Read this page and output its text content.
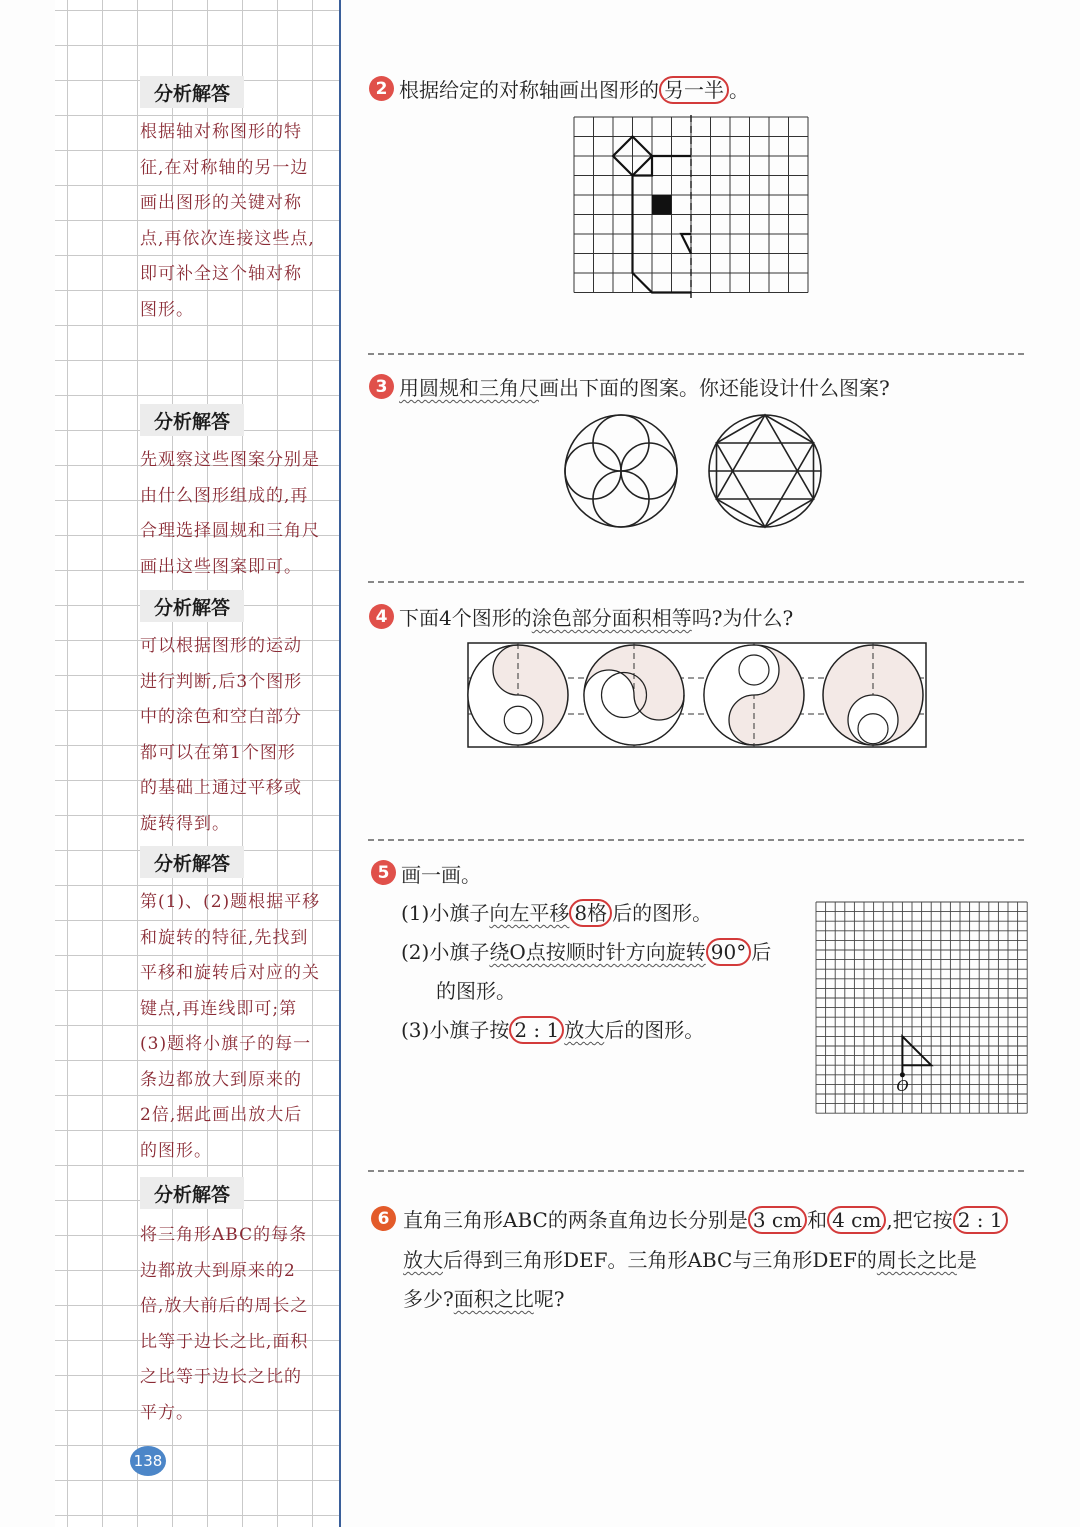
分析解答
根据轴对称图形的特
征,在对称轴的另一边
画出图形的关键对称
点,再依次连接这些点,
即可补全这个轴对称
图形。
分析解答
先观察这些图案分别是
由什么图形组成的,再
合理选择圆规和三角尺
画出这些图案即可。
分析解答
可以根据图形的运动
进行判断,后3个图形
中的涂色和空白部分
都可以在第1个图形
的基础上通过平移或
旋转得到。
分析解答
第(1)、(2)题根据平移
和旋转的特征,先找到
平移和旋转后对应的关
键点,再连线即可;第
(3)题将小旗子的每一
条边都放大到原来的
2倍,据此画出放大后
的图形。
分析解答
将三角形ABC的每条
边都放大到原来的2
倍,放大前后的周长之
比等于边长之比,面积
之比等于边长之比的
平方。
138
2 根据给定的对称轴画出图形的 另一半 。
3 用圆规和三角尺画出下面的图案。你还能设计什么图案?
4 下面4个图形的涂色部分面积相等吗?为什么?
5 画一画。
(1)小旗子向左平移 8格 后的图形。
(2)小旗子绕O点按顺时针方向旋转 90° 后
的图形。
(3)小旗子按 2 : 1 放大后的图形。
O
6 直角三角形ABC的两条直角边长分别是 3 cm 和 4 cm ,把它按 2 : 1
放大后得到三角形DEF。三角形ABC与三角形DEF的周长之比是
多少?面积之比呢?
